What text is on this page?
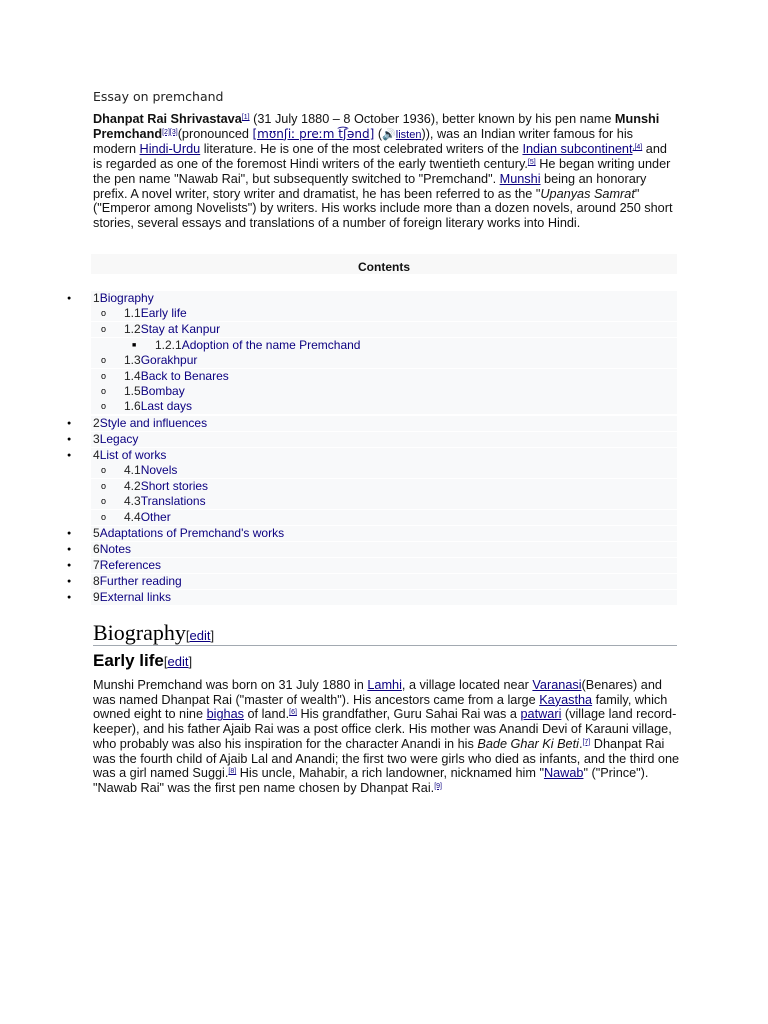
Essay on premchand
Dhanpat Rai Shrivastava[1] (31 July 1880 – 8 October 1936), better known by his pen name Munshi Premchand[2][3](pronounced [mʊnʃiː preːm t͡ʃənd] (🔊listen)), was an Indian writer famous for his modern Hindi-Urdu literature. He is one of the most celebrated writers of the Indian subcontinent$^{,[4]}$ and is regarded as one of the foremost Hindi writers of the early twentieth century.[5] He began writing under the pen name "Nawab Rai", but subsequently switched to "Premchand". Munshi being an honorary prefix. A novel writer, story writer and dramatist, he has been referred to as the "Upanyas Samrat" ("Emperor among Novelists") by writers. His works include more than a dozen novels, around 250 short stories, several essays and translations of a number of foreign literary works into Hindi.
Contents
● 1Biography
o 1.1Early life
o 1.2Stay at Kanpur
■ 1.2.1Adoption of the name Premchand
o 1.3Gorakhpur
o 1.4Back to Benares
o 1.5Bombay
o 1.6Last days
● 2Style and influences
● 3Legacy
● 4List of works
o 4.1Novels
o 4.2Short stories
o 4.3Translations
o 4.4Other
● 5Adaptations of Premchand's works
● 6Notes
● 7References
● 8Further reading
● 9External links
Biography[edit]
Early life[edit]
Munshi Premchand was born on 31 July 1880 in Lamhi, a village located near Varanasi(Benares) and was named Dhanpat Rai ("master of wealth"). His ancestors came from a large Kayastha family, which owned eight to nine bighas of land.[6] His grandfather, Guru Sahai Rai was a patwari (village land record-keeper), and his father Ajaib Rai was a post office clerk. His mother was Anandi Devi of Karauni village, who probably was also his inspiration for the character Anandi in his Bade Ghar Ki Beti.[7] Dhanpat Rai was the fourth child of Ajaib Lal and Anandi; the first two were girls who died as infants, and the third one was a girl named Suggi.[8] His uncle, Mahabir, a rich landowner, nicknamed him "Nawab" ("Prince"). "Nawab Rai" was the first pen name chosen by Dhanpat Rai.[9]
